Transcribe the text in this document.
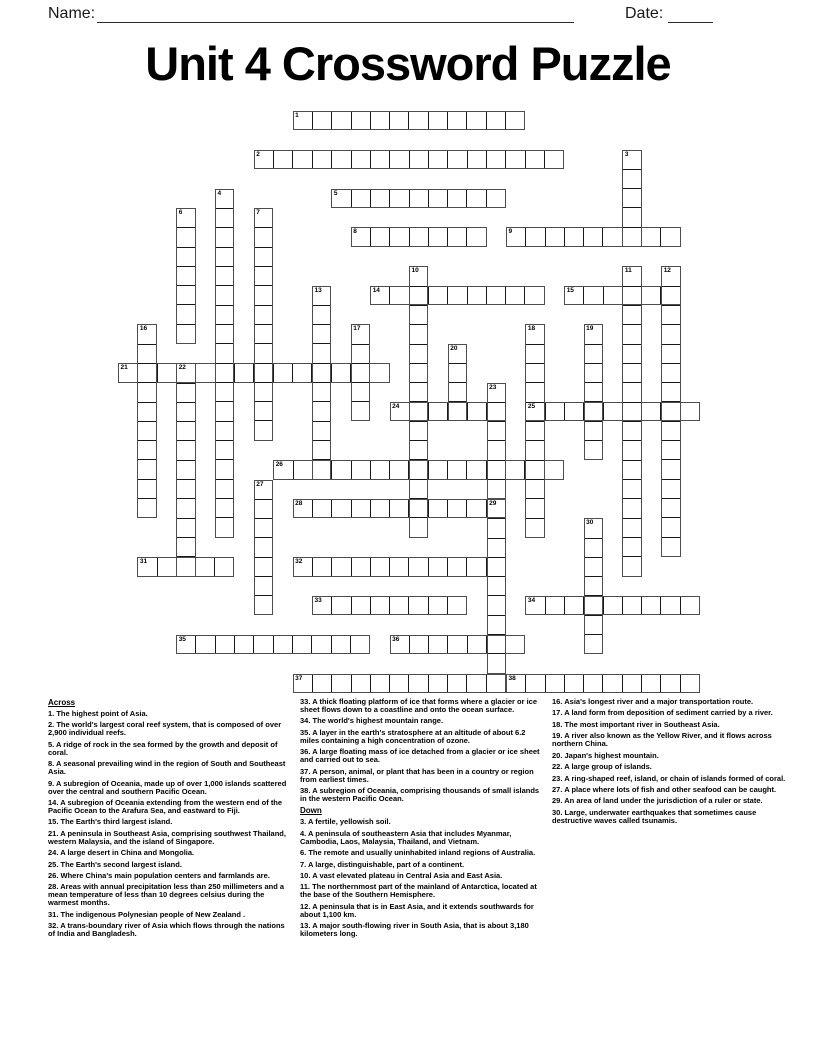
Name:	Date:
Unit 4 Crossword Puzzle
1
2
5
8	9
14	15
21
24	25
26
28
31	32
33	34
35	36
37	38
3
4
6	7
10	11	12
13
16	17	18	19
20
22
23
27
29
30
Across

1. The highest point of Asia.

2. The world's largest coral reef system, that is composed of over 2,900 individual reefs.

5. A ridge of rock in the sea formed by the growth and deposit of coral.

8. A seasonal prevailing wind in the region of South and Southeast Asia.

9. A subregion of Oceania, made up of over 1,000 islands scattered over the central and southern Pacific Ocean.

14. A subregion of Oceania extending from the western end of the Pacific Ocean to the Arafura Sea, and eastward to Fiji.

15. The Earth's third largest island.

21. A peninsula in Southeast Asia, comprising southwest Thailand, western Malaysia, and the island of Singapore.

24. A large desert in China and Mongolia.

25. The Earth's second largest island.

26. Where China's main population centers and farmlands are.

28. Areas with annual precipitation less than 250 millimeters and a mean temperature of less than 10 degrees celsius during the warmest months.

31. The indigenous Polynesian people of New Zealand .

32. A trans-boundary river of Asia which flows through the nations of India and Bangladesh.

33. A thick floating platform of ice that forms where a glacier or ice sheet flows down to a coastline and onto the ocean surface.

34. The world's highest mountain range.

35. A layer in the earth's stratosphere at an altitude of about 6.2 miles containing a high concentration of ozone.

36. A large floating mass of ice detached from a glacier or ice sheet and carried out to sea.

37. A person, animal, or plant that has been in a country or region from earliest times.

38. A subregion of Oceania, comprising thousands of small islands in the western Pacific Ocean.

Down

3. A fertile, yellowish soil.

4. A peninsula of southeastern Asia that includes Myanmar, Cambodia, Laos, Malaysia, Thailand, and Vietnam.

6. The remote and usually uninhabited inland regions of Australia.

7. A large, distinguishable, part of a continent.

10. A vast elevated plateau in Central Asia and East Asia.

11. The northernmost part of the mainland of Antarctica, located at the base of the Southern Hemisphere.

12. A peninsula that is in East Asia, and it extends southwards for about 1,100 km.

13. A major south-flowing river in South Asia, that is about 3,180 kilometers long.

16. Asia's longest river and a major transportation route.

17. A land form from deposition of sediment carried by a river.

18. The most important river in Southeast Asia.

19. A river also known as the Yellow River, and it flows across northern China.

20. Japan's highest mountain.

22. A large group of islands.

23. A ring-shaped reef, island, or chain of islands formed of coral.

27. A place where lots of fish and other seafood can be caught.

29. An area of land under the jurisdiction of a ruler or state.

30. Large, underwater earthquakes that sometimes cause destructive waves called tsunamis.
